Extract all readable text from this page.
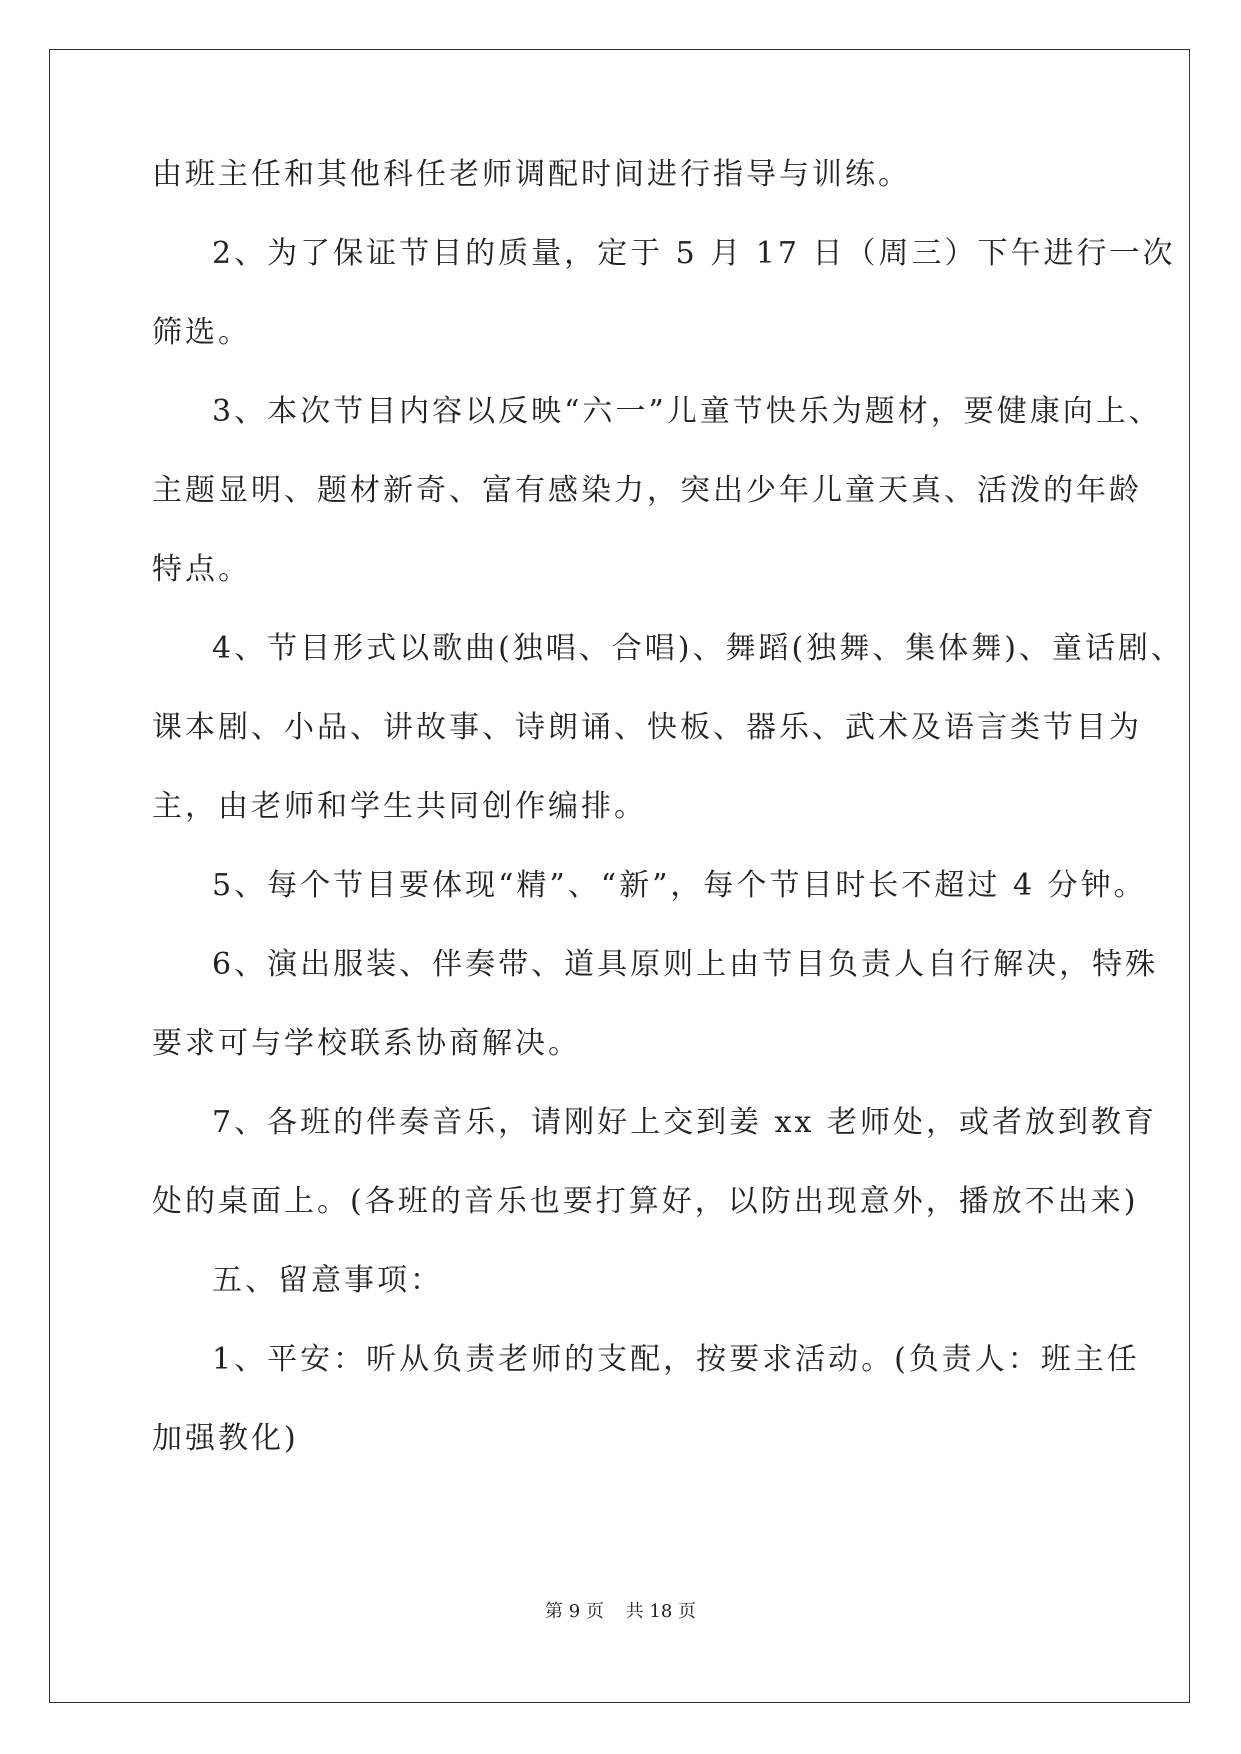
由班主任和其他科任老师调配时间进行指导与训练。
2、为了保证节目的质量，定于 5 月 17 日（周三）下午进行一次
筛选。
3、本次节目内容以反映“六一”儿童节快乐为题材，要健康向上、
主题显明、题材新奇、富有感染力，突出少年儿童天真、活泼的年龄
特点。
4、节目形式以歌曲(独唱、合唱)、舞蹈(独舞、集体舞)、童话剧、
课本剧、小品、讲故事、诗朗诵、快板、器乐、武术及语言类节目为
主，由老师和学生共同创作编排。
5、每个节目要体现“精”、“新”，每个节目时长不超过 4 分钟。
6、演出服装、伴奏带、道具原则上由节目负责人自行解决，特殊
要求可与学校联系协商解决。
7、各班的伴奏音乐，请刚好上交到姜 xx 老师处，或者放到教育
处的桌面上。(各班的音乐也要打算好，以防出现意外，播放不出来)
五、留意事项：
1、平安：听从负责老师的支配，按要求活动。(负责人：班主任
加强教化)
第 9 页 共 18 页
